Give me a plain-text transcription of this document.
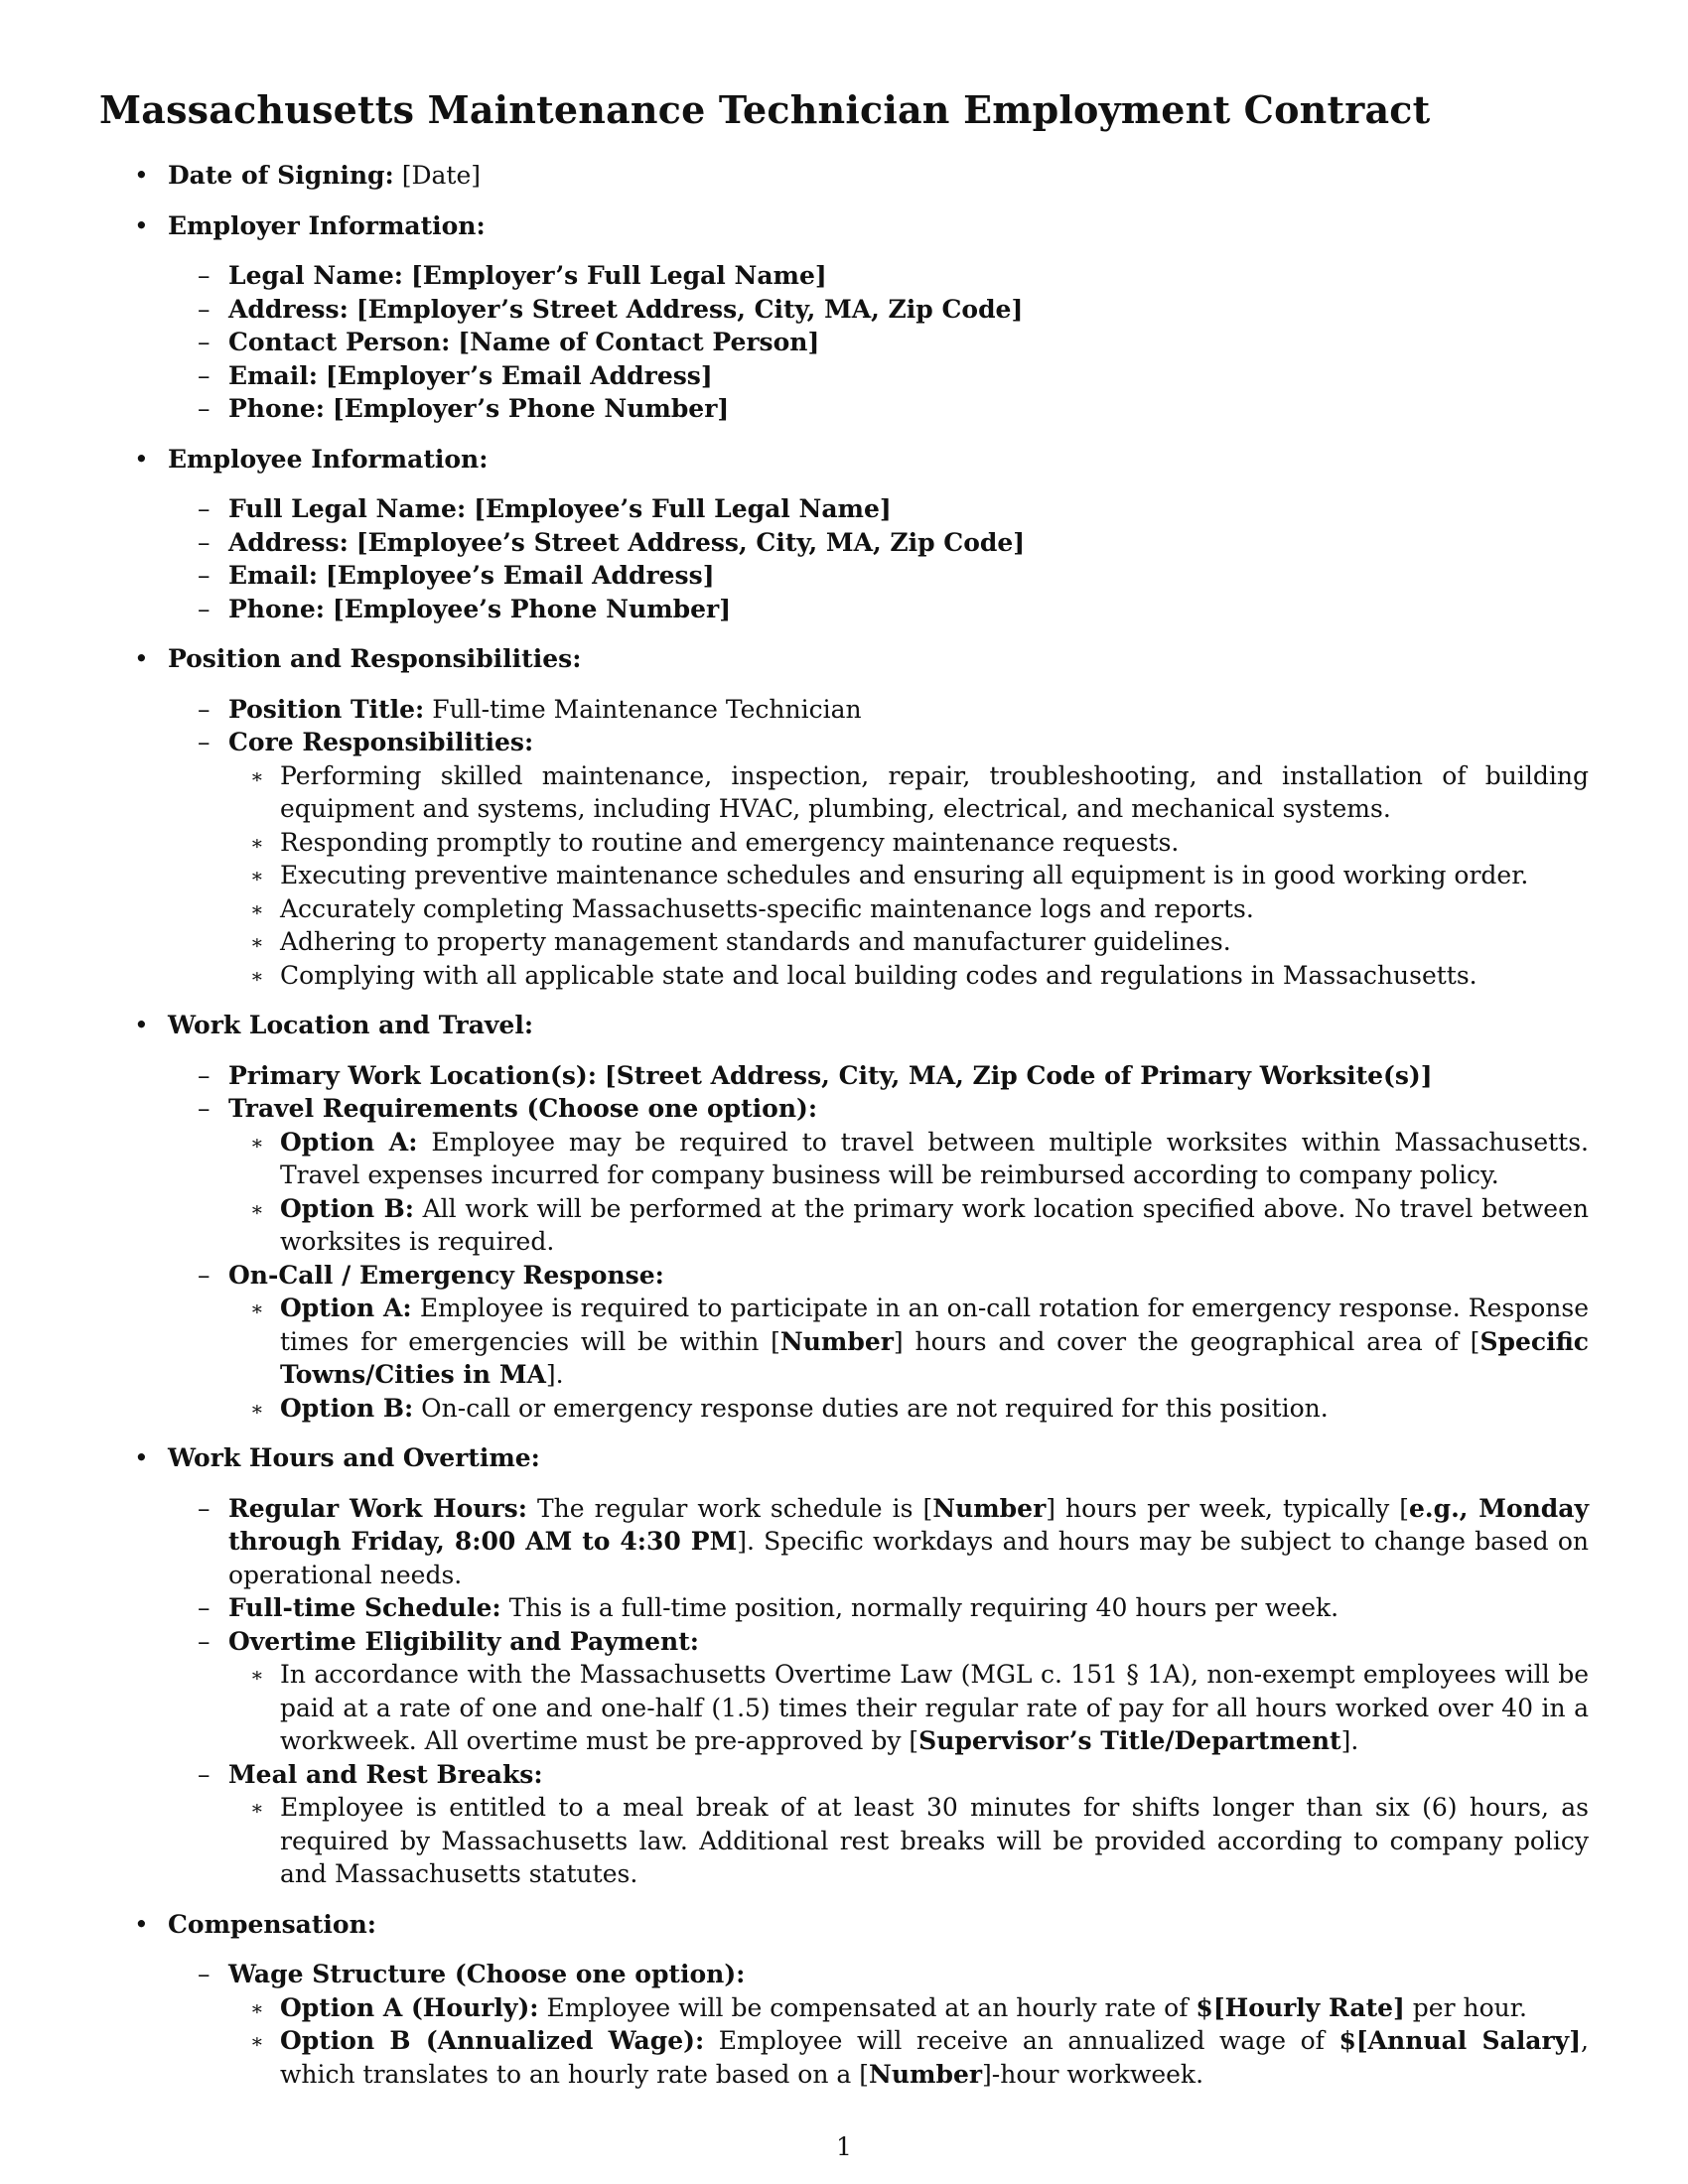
Massachusetts Maintenance Technician Employment Contract
• Date of Signing: [Date]
• Employer Information:
– Legal Name: [Employer’s Full Legal Name]
– Address: [Employer’s Street Address, City, MA, Zip Code]
– Contact Person: [Name of Contact Person]
– Email: [Employer’s Email Address]
– Phone: [Employer’s Phone Number]
• Employee Information:
– Full Legal Name: [Employee’s Full Legal Name]
– Address: [Employee’s Street Address, City, MA, Zip Code]
– Email: [Employee’s Email Address]
– Phone: [Employee’s Phone Number]
• Position and Responsibilities:
– Position Title: Full-time Maintenance Technician
– Core Responsibilities:
∗ Performing skilled maintenance, inspection, repair, troubleshooting, and installation of building equipment and systems, including HVAC, plumbing, electrical, and mechanical systems.
∗ Responding promptly to routine and emergency maintenance requests.
∗ Executing preventive maintenance schedules and ensuring all equipment is in good working order.
∗ Accurately completing Massachusetts-specific maintenance logs and reports.
∗ Adhering to property management standards and manufacturer guidelines.
∗ Complying with all applicable state and local building codes and regulations in Massachusetts.
• Work Location and Travel:
– Primary Work Location(s): [Street Address, City, MA, Zip Code of Primary Worksite(s)]
– Travel Requirements (Choose one option):
∗ Option A: Employee may be required to travel between multiple worksites within Massachusetts. Travel expenses incurred for company business will be reimbursed according to company policy.
∗ Option B: All work will be performed at the primary work location specified above. No travel between worksites is required.
– On-Call / Emergency Response:
∗ Option A: Employee is required to participate in an on-call rotation for emergency response. Response times for emergencies will be within [Number] hours and cover the geographical area of [Specific Towns/Cities in MA].
∗ Option B: On-call or emergency response duties are not required for this position.
• Work Hours and Overtime:
– Regular Work Hours: The regular work schedule is [Number] hours per week, typically [e.g., Monday through Friday, 8:00 AM to 4:30 PM]. Specific workdays and hours may be subject to change based on operational needs.
– Full-time Schedule: This is a full-time position, normally requiring 40 hours per week.
– Overtime Eligibility and Payment:
∗ In accordance with the Massachusetts Overtime Law (MGL c. 151 § 1A), non-exempt employees will be paid at a rate of one and one-half (1.5) times their regular rate of pay for all hours worked over 40 in a workweek. All overtime must be pre-approved by [Supervisor’s Title/Department].
– Meal and Rest Breaks:
∗ Employee is entitled to a meal break of at least 30 minutes for shifts longer than six (6) hours, as required by Massachusetts law. Additional rest breaks will be provided according to company policy and Massachusetts statutes.
• Compensation:
– Wage Structure (Choose one option):
∗ Option A (Hourly): Employee will be compensated at an hourly rate of $[Hourly Rate] per hour.
∗ Option B (Annualized Wage): Employee will receive an annualized wage of $[Annual Salary], which translates to an hourly rate based on a [Number]-hour workweek.
1
